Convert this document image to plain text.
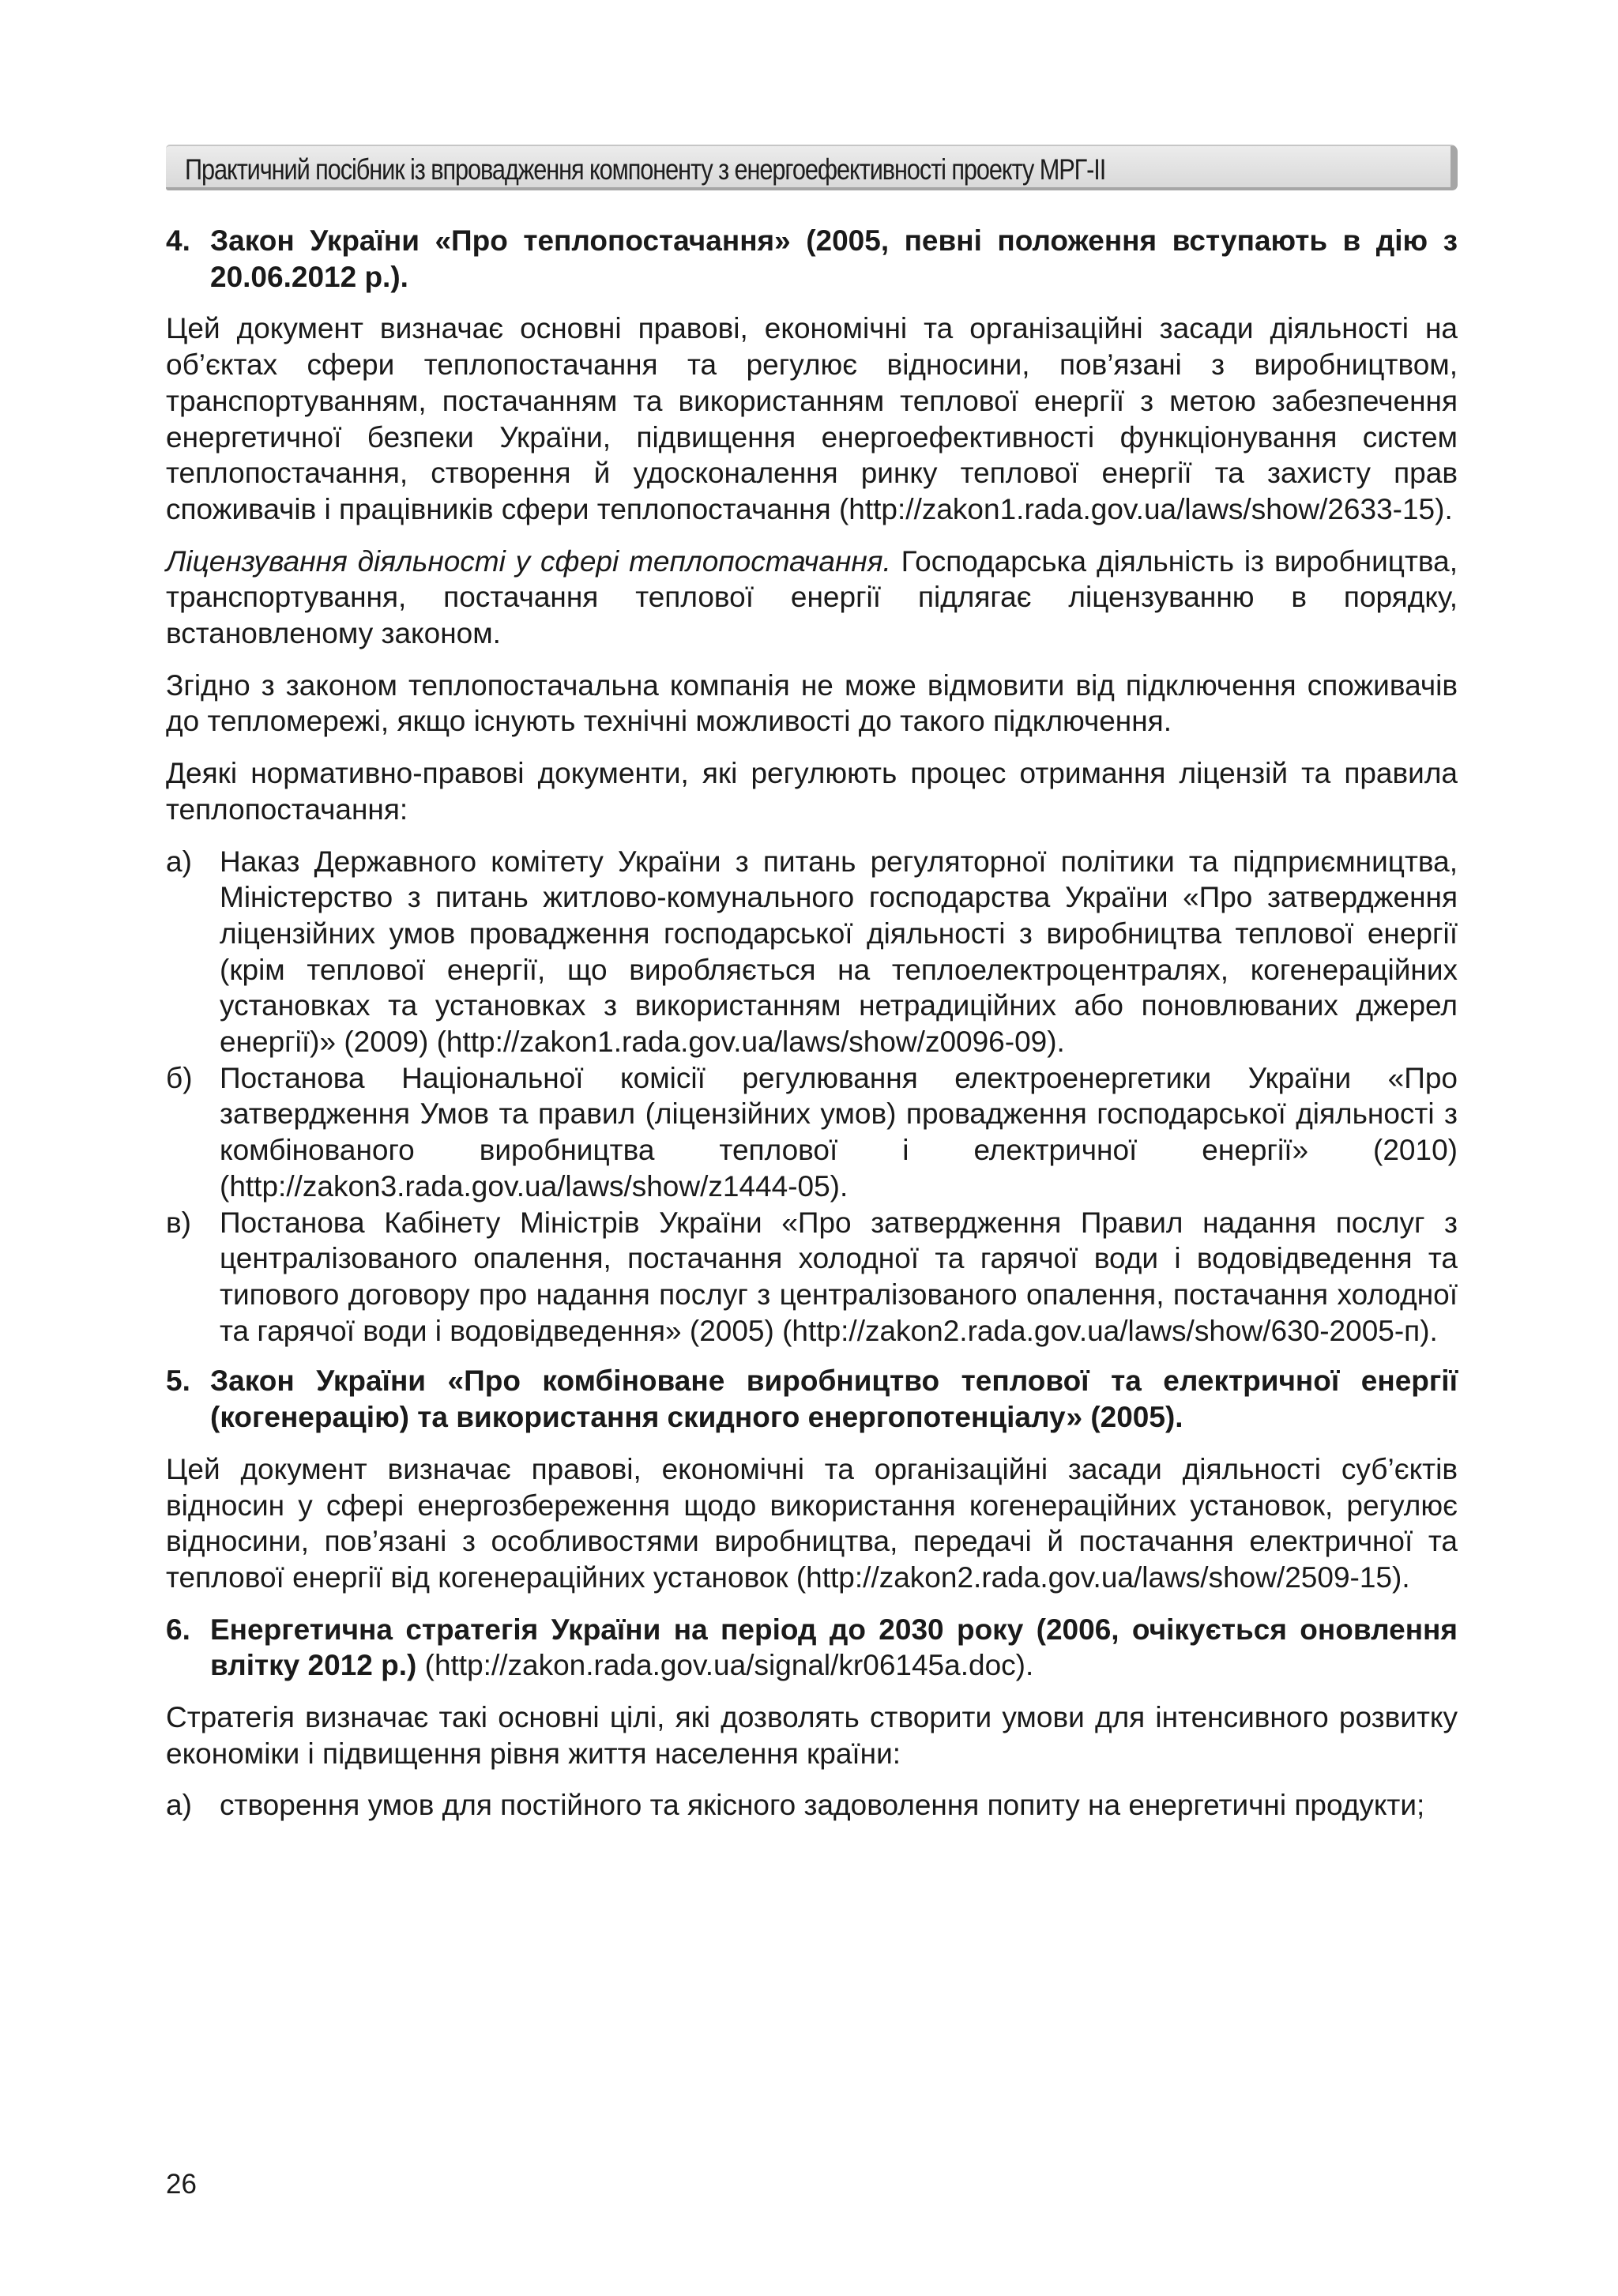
Практичний посібник із впровадження компоненту з енергоефективності проекту МРГ-ІІ
4. Закон України «Про теплопостачання» (2005, певні положення вступають в дію з 20.06.2012 р.).

Цей документ визначає основні правові, економічні та організаційні засади діяльності на об’єктах сфери теплопостачання та регулює відносини, пов’язані з виробництвом, транспортуванням, постачанням та використанням теплової енергії з метою забезпечення енергетичної безпеки України, підвищення енергоефективності функціонування систем теплопостачання, створення й удосконалення ринку теплової енергії та захисту прав споживачів і працівників сфери теплопостачання (http://zakon1.rada.gov.ua/laws/show/2633-15).

Ліцензування діяльності у сфері теплопостачання. Господарська діяльність із виробництва, транспортування, постачання теплової енергії підлягає ліцензуванню в порядку, встановленому законом.

Згідно з законом теплопостачальна компанія не може відмовити від підключення споживачів до тепломережі, якщо існують технічні можливості до такого підключення.

Деякі нормативно-правові документи, які регулюють процес отримання ліцензій та правила теплопостачання:

а) Наказ Державного комітету України з питань регуляторної політики та підприємництва, Міністерство з питань житлово-комунального господарства України «Про затвердження ліцензійних умов провадження господарської діяльності з виробництва теплової енергії (крім теплової енергії, що виробляється на теплоелектроцентралях, когенераційних установках та установках з використанням нетрадиційних або поновлюваних джерел енергії)» (2009) (http://zakon1.rada.gov.ua/laws/show/z0096-09).
б) Постанова Національної комісії регулювання електроенергетики України «Про затвердження Умов та правил (ліцензійних умов) провадження господарської діяльності з комбінованого виробництва теплової і електричної енергії» (2010) (http://zakon3.rada.gov.ua/laws/show/z1444-05).
в) Постанова Кабінету Міністрів України «Про затвердження Правил надання послуг з централізованого опалення, постачання холодної та гарячої води і водовідведення та типового договору про надання послуг з централізованого опалення, постачання холодної та гарячої води і водовідведення» (2005) (http://zakon2.rada.gov.ua/laws/show/630-2005-п).
5. Закон України «Про комбіноване виробництво теплової та електричної енергії (когенерацію) та використання скидного енергопотенціалу» (2005).

Цей документ визначає правові, економічні та організаційні засади діяльності суб’єктів відносин у сфері енергозбереження щодо використання когенераційних установок, регулює відносини, пов’язані з особливостями виробництва, передачі й постачання електричної та теплової енергії від когенераційних установок (http://zakon2.rada.gov.ua/laws/show/2509-15).

6. Енергетична стратегія України на період до 2030 року (2006, очікується оновлення влітку 2012 р.) (http://zakon.rada.gov.ua/signal/kr06145a.doc).

Стратегія визначає такі основні цілі, які дозволять створити умови для інтенсивного розвитку економіки і підвищення рівня життя населення країни:

а) створення умов для постійного та якісного задоволення попиту на енергетичні продукти;
26
